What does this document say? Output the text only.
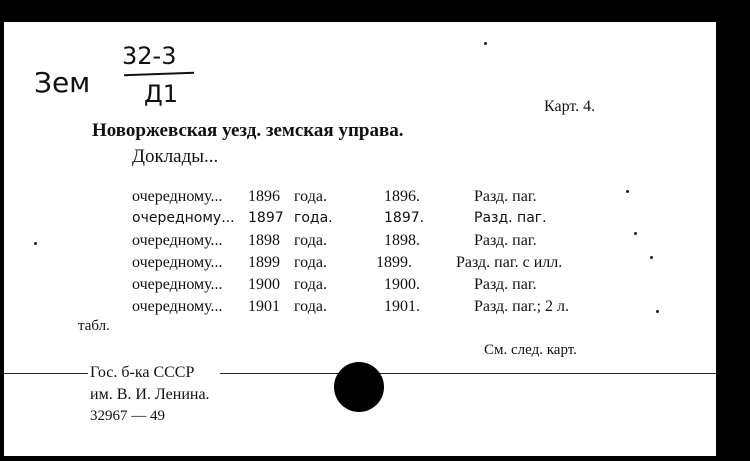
Зем
32-3
Д1	Карт. 4.
Новоржевская уезд. земская управа.
Доклады...
очередному... 1896 года.	1896.	Разд. паг.
очередному... 1897 года.	1897.	Разд. паг.
очередному... 1898 года.	1898.	Разд. паг.
очередному... 1899 года.	1899.	Разд. паг. с илл.
очередному... 1900 года.	1900.	Разд. паг.
очередному... 1901 года.	1901.	Разд. паг.; 2 л.
табл.
См. след. карт.
Гос. б-ка СССР
им. В. И. Ленина.
32967 — 49
